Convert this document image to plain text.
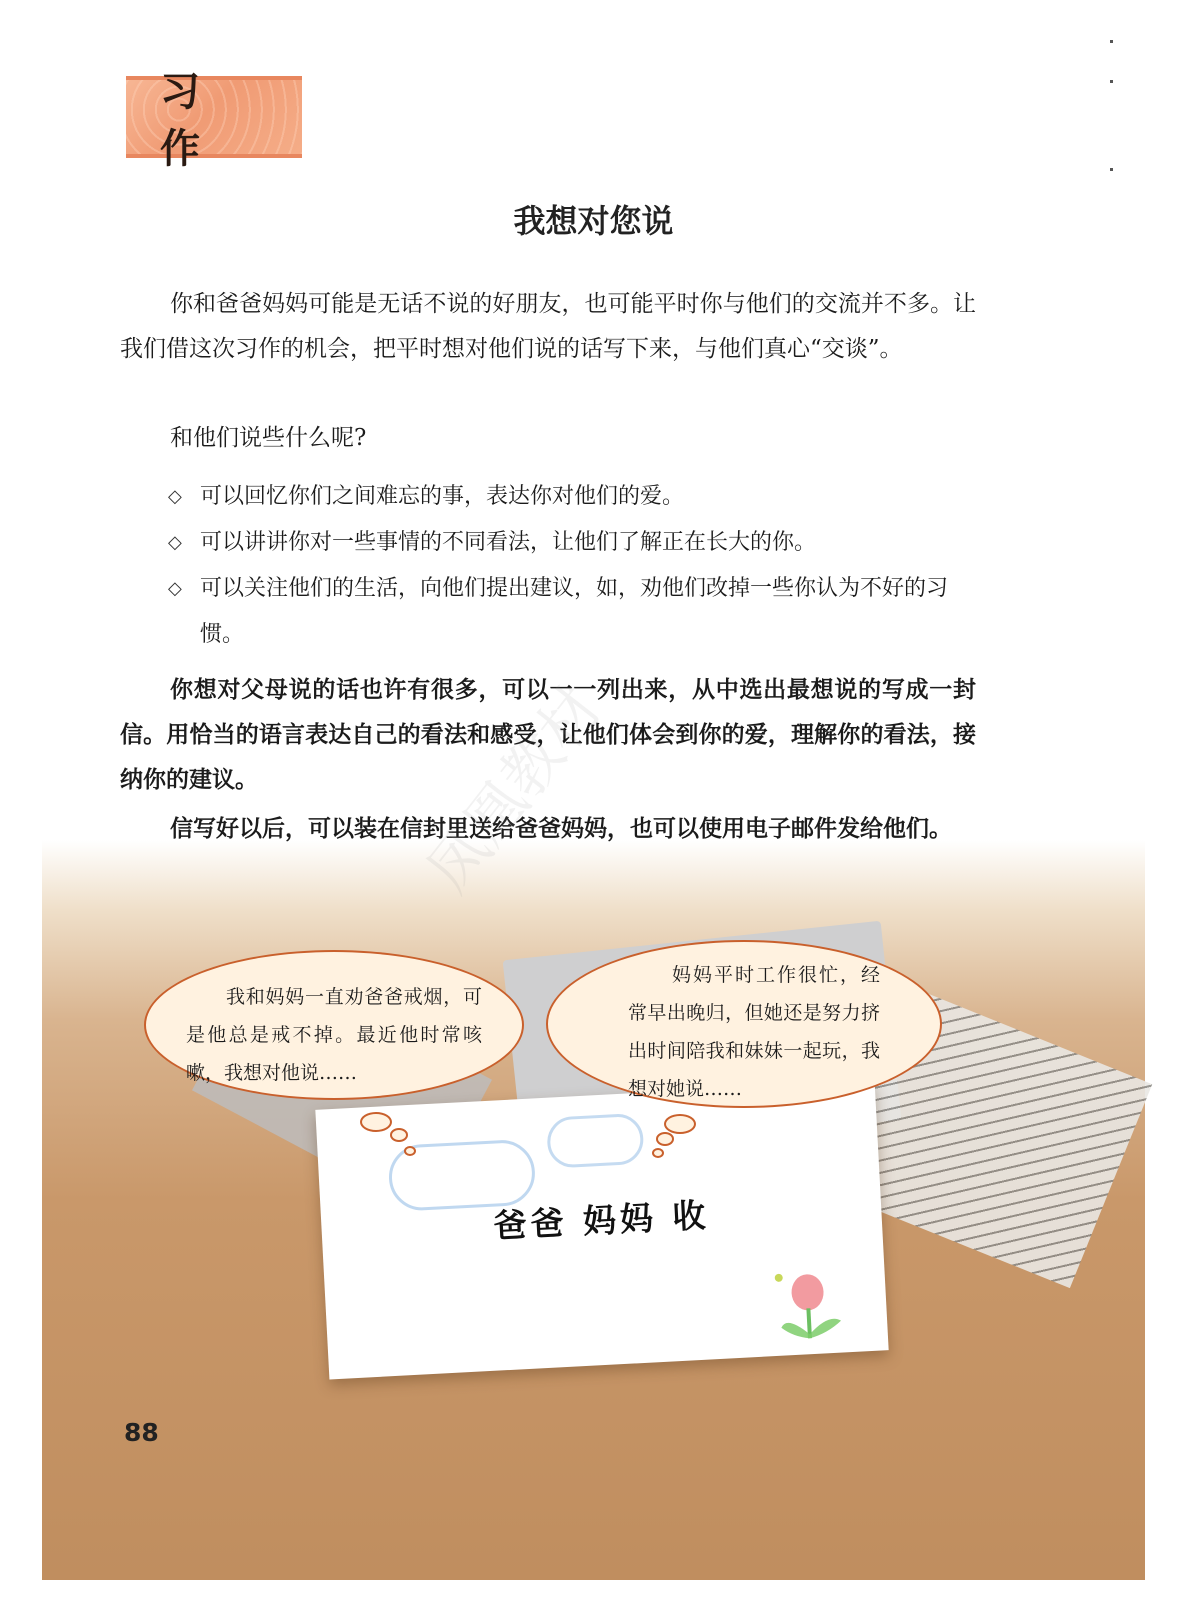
习 作
我想对您说

你和爸爸妈妈可能是无话不说的好朋友，也可能平时你与他们的交流并不多。让我们借这次习作的机会，把平时想对他们说的话写下来，与他们真心“交谈”。

和他们说些什么呢?

◇ 可以回忆你们之间难忘的事，表达你对他们的爱。
◇ 可以讲讲你对一些事情的不同看法，让他们了解正在长大的你。
◇ 可以关注他们的生活，向他们提出建议，如，劝他们改掉一些你认为不好的习惯。

你想对父母说的话也许有很多，可以一一列出来，从中选出最想说的写成一封信。用恰当的语言表达自己的看法和感受，让他们体会到你的爱，理解你的看法，接纳你的建议。

信写好以后，可以装在信封里送给爸爸妈妈，也可以使用电子邮件发给他们。

凤凰教材
爸爸 妈妈 收

我和妈妈一直劝爸爸戒烟，可是他总是戒不掉。最近他时常咳嗽，我想对他说……

妈妈平时工作很忙，经常早出晚归，但她还是努力挤出时间陪我和妹妹一起玩，我想对她说……

88
